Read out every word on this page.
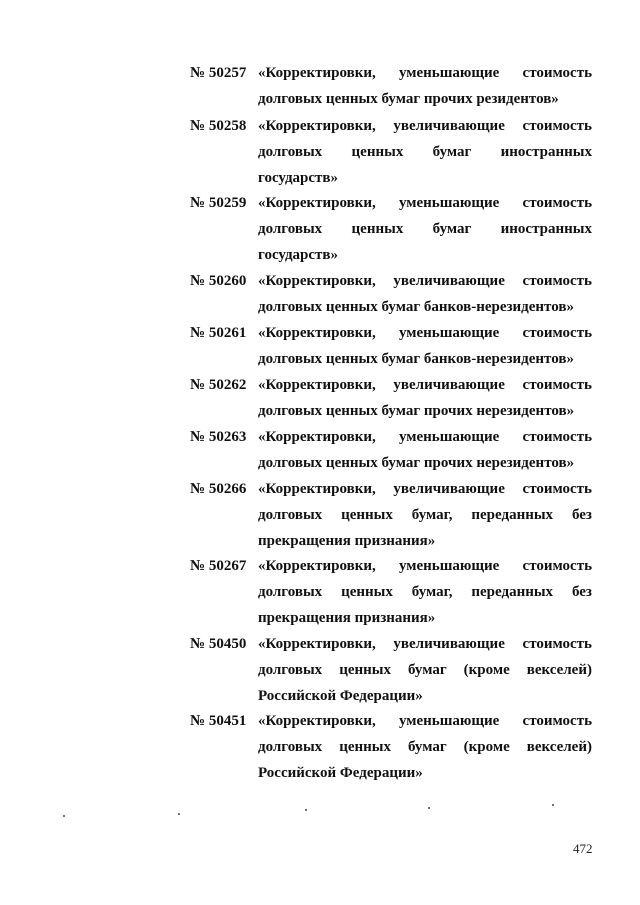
№ 50257 «Корректировки, уменьшающие стоимость
долговых ценных бумаг прочих резидентов»
№ 50258 «Корректировки, увеличивающие стоимость
долговых ценных бумаг иностранных
государств»
№ 50259 «Корректировки, уменьшающие стоимость
долговых ценных бумаг иностранных
государств»
№ 50260 «Корректировки, увеличивающие стоимость
долговых ценных бумаг банков-нерезидентов»
№ 50261 «Корректировки, уменьшающие стоимость
долговых ценных бумаг банков-нерезидентов»
№ 50262 «Корректировки, увеличивающие стоимость
долговых ценных бумаг прочих нерезидентов»
№ 50263 «Корректировки, уменьшающие стоимость
долговых ценных бумаг прочих нерезидентов»
№ 50266 «Корректировки, увеличивающие стоимость
долговых ценных бумаг, переданных без
прекращения признания»
№ 50267 «Корректировки, уменьшающие стоимость
долговых ценных бумаг, переданных без
прекращения признания»
№ 50450 «Корректировки, увеличивающие стоимость
долговых ценных бумаг (кроме векселей)
Российской Федерации»
№ 50451 «Корректировки, уменьшающие стоимость
долговых ценных бумаг (кроме векселей)
Российской Федерации»
472
